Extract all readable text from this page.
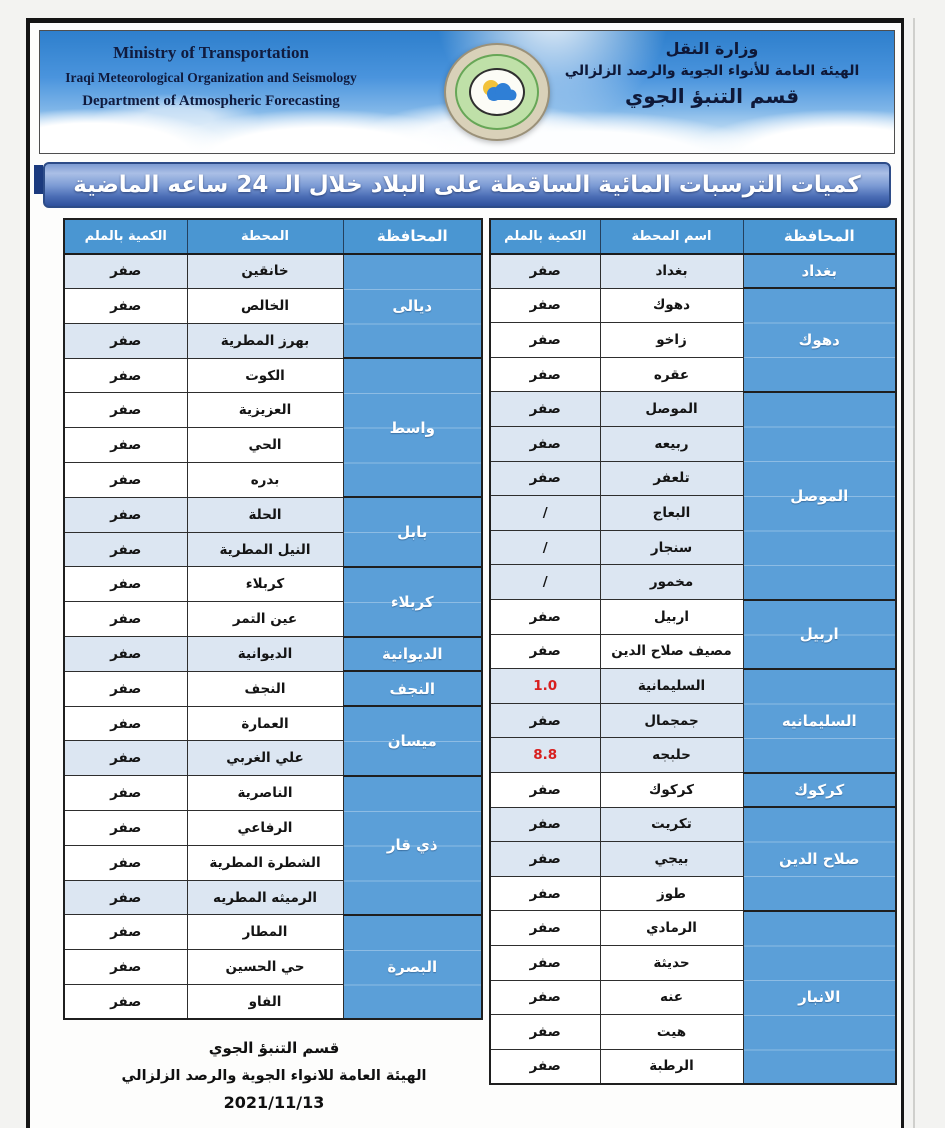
Ministry of Transportation
Iraqi Meteorological Organization and Seismology
Department of Atmospheric Forecasting
وزارة النقل
الهيئة العامة للأنواء الجوية والرصد الزلزالي
قسم التنبؤ الجوي
كميات الترسبات المائية الساقطة على البلاد خلال الـ 24 ساعه الماضية
المحافظة	اسم المحطة	الكمية بالملم
بغداد	بغداد	صفر
دهوك	دهوك	صفر
	زاخو	صفر
	عقره	صفر
الموصل	الموصل	صفر
	ربيعه	صفر
	تلعفر	صفر
	البعاج	/
	سنجار	/
	مخمور	/
اربيل	اربيل	صفر
	مصيف صلاح الدين	صفر
السليمانيه	السليمانية	1.0
	جمجمال	صفر
	حلبجه	8.8
كركوك	كركوك	صفر
صلاح الدين	تكريت	صفر
	بيجي	صفر
	طوز	صفر
الانبار	الرمادي	صفر
	حديثة	صفر
	عنه	صفر
	هيت	صفر
	الرطبة	صفر
المحافظة	المحطة	الكمية بالملم
ديالى	خانقين	صفر
	الخالص	صفر
	بهرز المطرية	صفر
واسط	الكوت	صفر
	العزيزية	صفر
	الحي	صفر
	بدره	صفر
بابل	الحلة	صفر
	النيل المطرية	صفر
كربلاء	كربلاء	صفر
	عين التمر	صفر
الديوانية	الديوانية	صفر
النجف	النجف	صفر
ميسان	العمارة	صفر
	علي الغربي	صفر
ذي قار	الناصرية	صفر
	الرفاعي	صفر
	الشطرة المطرية	صفر
	الرميثه المطريه	صفر
البصرة	المطار	صفر
	حي الحسين	صفر
	الفاو	صفر
قسم التنبؤ الجوي
الهيئة العامة للانواء الجوية والرصد الزلزالي
2021/11/13
